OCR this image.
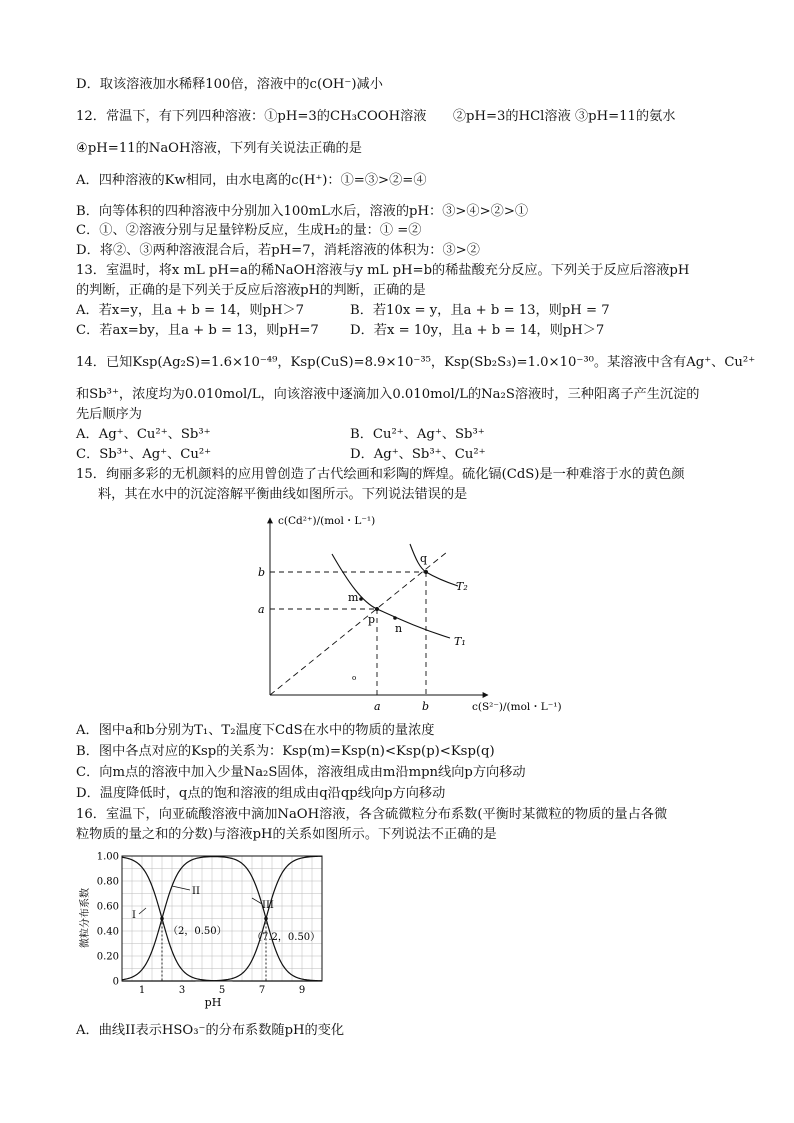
D．取该溶液加水稀释100倍，溶液中的c(OH⁻)减小
12．常温下，有下列四种溶液：①pH=3的CH₃COOH溶液　　②pH=3的HCl溶液 ③pH=11的氨水
④pH=11的NaOH溶液，下列有关说法正确的是
A．四种溶液的Kw相同，由水电离的c(H⁺)：①=③>②=④
B．向等体积的四种溶液中分别加入100mL水后，溶液的pH：③>④>②>①
C．①、②溶液分别与足量锌粉反应，生成H₂的量：① =②
D．将②、③两种溶液混合后，若pH=7，消耗溶液的体积为：③>②
13．室温时，将x mL pH=a的稀NaOH溶液与y mL pH=b的稀盐酸充分反应。下列关于反应后溶液pH
的判断，正确的是下列关于反应后溶液pH的判断，正确的是
A．若x=y，且a + b = 14，则pH＞7	B．若10x = y，且a + b = 13，则pH = 7
C．若ax=by，且a + b = 13，则pH=7 D．若x = 10y，且a + b = 14，则pH＞7
14．已知Ksp(Ag₂S)=1.6×10⁻⁴⁹，Ksp(CuS)=8.9×10⁻³⁵，Ksp(Sb₂S₃)=1.0×10⁻³⁰。某溶液中含有Ag⁺、Cu²⁺
和Sb³⁺，浓度均为0.010mol/L，向该溶液中逐滴加入0.010mol/L的Na₂S溶液时，三种阳离子产生沉淀的
先后顺序为
A．Ag⁺、Cu²⁺、Sb³⁺	B．Cu²⁺、Ag⁺、Sb³⁺
C．Sb³⁺、Ag⁺、Cu²⁺	D．Ag⁺、Sb³⁺、Cu²⁺
15．绚丽多彩的无机颜料的应用曾创造了古代绘画和彩陶的辉煌。硫化镉(CdS)是一种难溶于水的黄色颜
料，其在水中的沉淀溶解平衡曲线如图所示。下列说法错误的是
c(Cd²⁺)/(mol・L⁻¹)
c(S²⁻)/(mol・L⁻¹)
b
a
a	b
q
m
p
n
T₂
T₁
o
A．图中a和b分别为T₁、T₂温度下CdS在水中的物质的量浓度
B．图中各点对应的Ksp的关系为：Ksp(m)=Ksp(n)<Ksp(p)<Ksp(q)
C．向m点的溶液中加入少量Na₂S固体，溶液组成由m沿mpn线向p方向移动
D．温度降低时，q点的饱和溶液的组成由q沿qp线向p方向移动
16．室温下，向亚硫酸溶液中滴加NaOH溶液，各含硫微粒分布系数(平衡时某微粒的物质的量占各微
粒物质的量之和的分数)与溶液pH的关系如图所示。下列说法不正确的是
1.00
0.80
0.60
0.40
0.20
0
1	3	5	7	9
微粒分布系数
pH
I
II
III
（2，0.50）
（7.2，0.50）
A．曲线II表示HSO₃⁻的分布系数随pH的变化
